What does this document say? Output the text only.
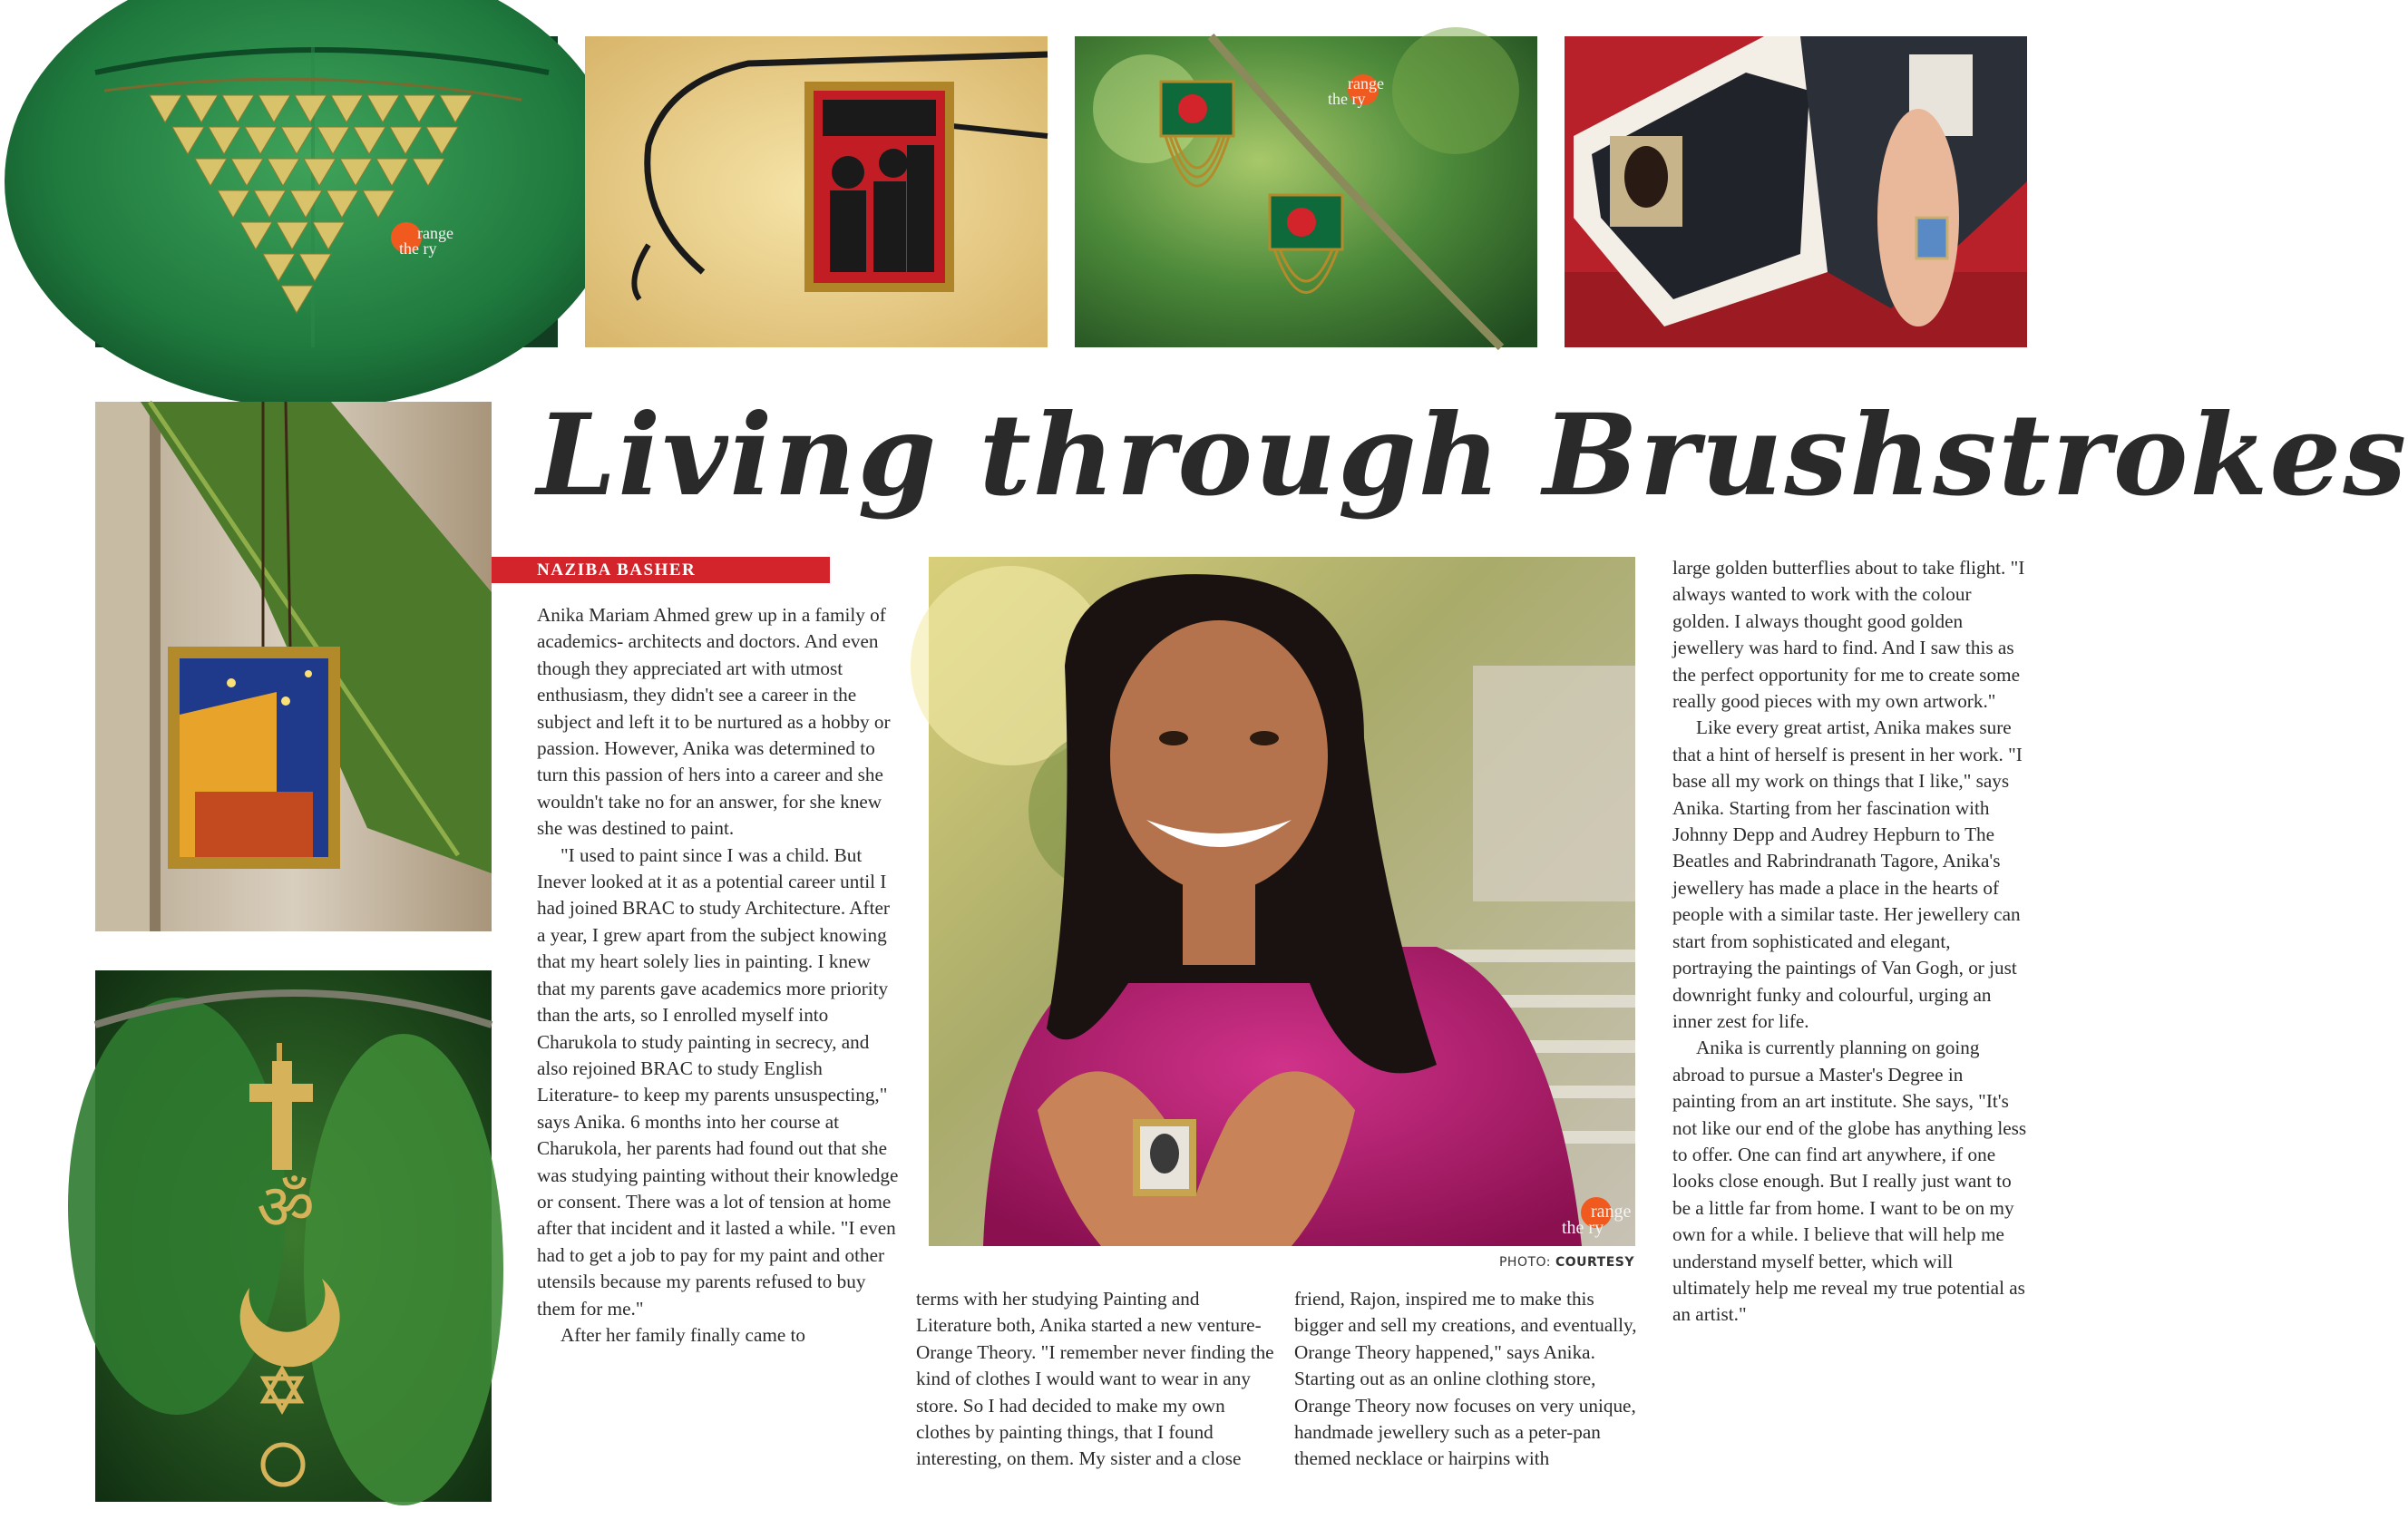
range
the ry
range
the ry
ॐ
Living through Brushstrokes
NAZIBA BASHER
range
the ry
PHOTO: COURTESY

Anika Mariam Ahmed grew up in a family of academics- architects and doctors. And even though they appreciated art with utmost enthusiasm, they didn't see a career in the subject and left it to be nurtured as a hobby or passion. However, Anika was determined to turn this passion of hers into a career and she wouldn't take no for an answer, for she knew she was destined to paint.

"I used to paint since I was a child. But Inever looked at it as a potential career until I had joined BRAC to study Architecture. After a year, I grew apart from the subject knowing that my heart solely lies in painting. I knew that my parents gave academics more priority than the arts, so I enrolled myself into Charukola to study painting in secrecy, and also rejoined BRAC to study English Literature- to keep my parents unsuspecting," says Anika. 6 months into her course at Charukola, her parents had found out that she was studying painting without their knowledge or consent. There was a lot of tension at home after that incident and it lasted a while. "I even had to get a job to pay for my paint and other utensils because my parents refused to buy them for me."

After her family finally came to

terms with her studying Painting and Literature both, Anika started a new venture- Orange Theory. "I remember never finding the kind of clothes I would want to wear in any store. So I had decided to make my own clothes by painting things, that I found interesting, on them. My sister and a close

friend, Rajon, inspired me to make this bigger and sell my creations, and eventually, Orange Theory happened," says Anika. Starting out as an online clothing store, Orange Theory now focuses on very unique, handmade jewellery such as a peter-pan themed necklace or hairpins with

large golden butterflies about to take flight. "I always wanted to work with the colour golden. I always thought good golden jewellery was hard to find. And I saw this as the perfect opportunity for me to create some really good pieces with my own artwork."

Like every great artist, Anika makes sure that a hint of herself is present in her work. "I base all my work on things that I like," says Anika. Starting from her fascination with Johnny Depp and Audrey Hepburn to The Beatles and Rabrindranath Tagore, Anika's jewellery has made a place in the hearts of people with a similar taste. Her jewellery can start from sophisticated and elegant, portraying the paintings of Van Gogh, or just downright funky and colourful, urging an inner zest for life.

Anika is currently planning on going abroad to pursue a Master's Degree in painting from an art institute. She says, "It's not like our end of the globe has anything less to offer. One can find art anywhere, if one looks close enough. But I really just want to be a little far from home. I want to be on my own for a while. I believe that will help me understand myself better, which will ultimately help me reveal my true potential as an artist."
